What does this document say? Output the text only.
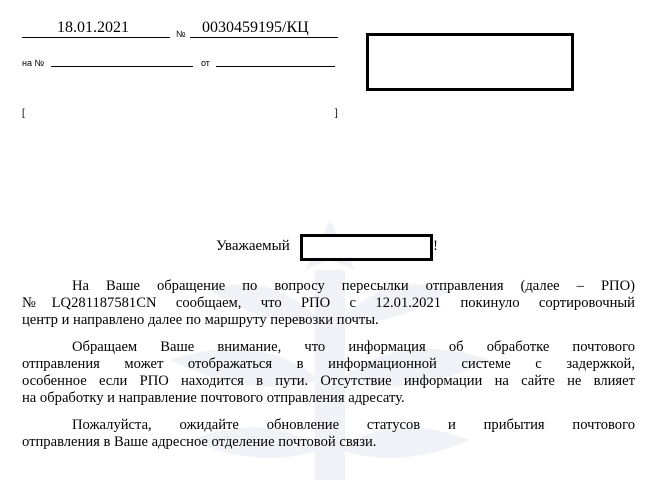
18.01.2021	№ 0030459195/КЦ
на №	от
[	]
Уважаемый	!
На Ваше обращение по вопросу пересылки отправления (далее – РПО)
№LQ281187581CN сообщаем, что РПО с 12.01.2021 покинуло сортировочный
центр и направлено далее по маршруту перевозки почты.
Обращаем Ваше внимание, что информация об обработке почтового
отправления может отображаться в информационной системе с задержкой,
особенное если РПО находится в пути. Отсутствие информации на сайте не влияет
на обработку и направление почтового отправления адресату.
Пожалуйста, ожидайте обновление статусов и прибытия почтового
отправления в Ваше адресное отделение почтовой связи.
